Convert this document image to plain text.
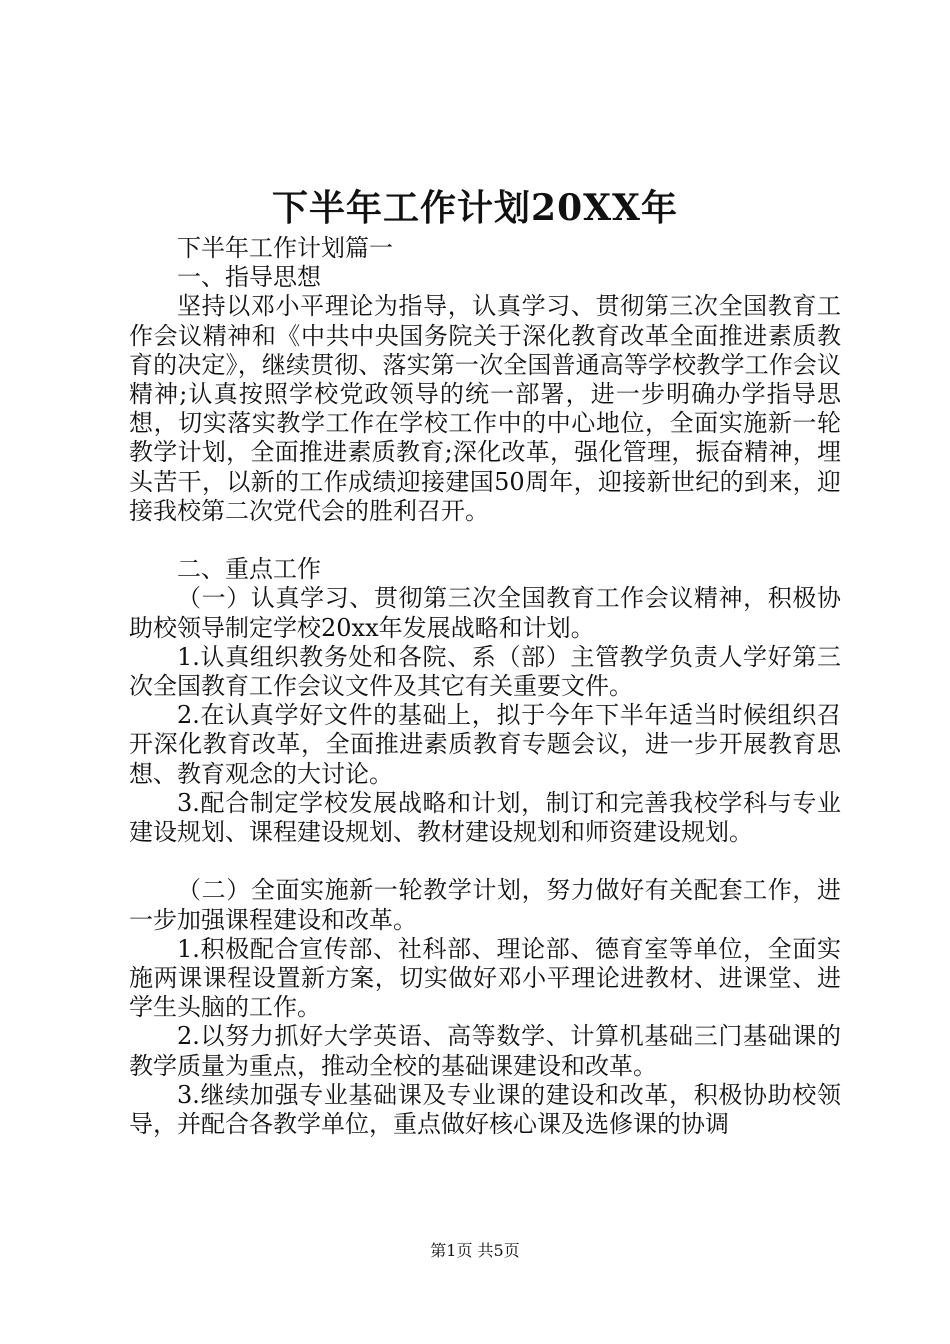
下半年工作计划20XX年

下半年工作计划篇一

一、指导思想

坚持以邓小平理论为指导，认真学习、贯彻第三次全国教育工作会议精神和《中共中央国务院关于深化教育改革全面推进素质教育的决定》，继续贯彻、落实第一次全国普通高等学校教学工作会议精神;认真按照学校党政领导的统一部署，进一步明确办学指导思想，切实落实教学工作在学校工作中的中心地位，全面实施新一轮教学计划，全面推进素质教育;深化改革，强化管理，振奋精神，埋头苦干，以新的工作成绩迎接建国50周年，迎接新世纪的到来，迎接我校第二次党代会的胜利召开。

二、重点工作

（一）认真学习、贯彻第三次全国教育工作会议精神，积极协助校领导制定学校20xx年发展战略和计划。

1.认真组织教务处和各院、系（部）主管教学负责人学好第三次全国教育工作会议文件及其它有关重要文件。

2.在认真学好文件的基础上，拟于今年下半年适当时候组织召开深化教育改革，全面推进素质教育专题会议，进一步开展教育思想、教育观念的大讨论。

3.配合制定学校发展战略和计划，制订和完善我校学科与专业建设规划、课程建设规划、教材建设规划和师资建设规划。

（二）全面实施新一轮教学计划，努力做好有关配套工作，进一步加强课程建设和改革。

1.积极配合宣传部、社科部、理论部、德育室等单位，全面实施两课课程设置新方案，切实做好邓小平理论进教材、进课堂、进学生头脑的工作。

2.以努力抓好大学英语、高等数学、计算机基础三门基础课的教学质量为重点，推动全校的基础课建设和改革。

3.继续加强专业基础课及专业课的建设和改革，积极协助校领导，并配合各教学单位，重点做好核心课及选修课的协调

第1页 共5页
